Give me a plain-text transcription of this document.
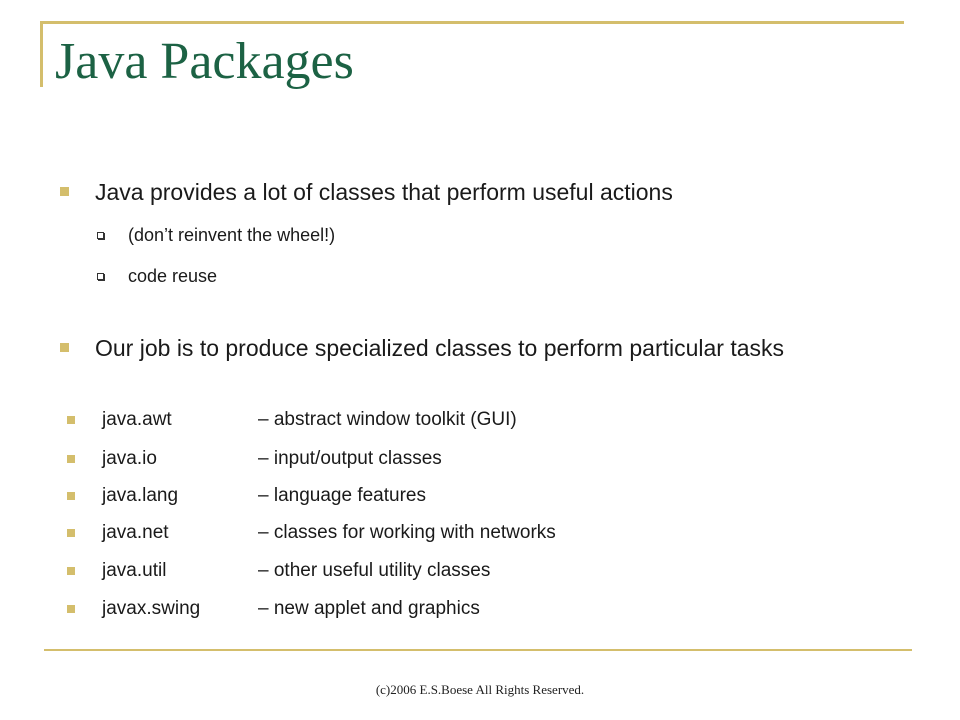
Java Packages
Java provides a lot of classes that perform useful actions
(don’t reinvent the wheel!)
code reuse
Our job is to produce specialized classes to perform particular tasks
java.awt	– abstract window toolkit (GUI)
java.io	– input/output classes
java.lang	– language features
java.net	– classes for working with networks
java.util	– other useful utility classes
javax.swing	– new applet and graphics
(c)2006 E.S.Boese All Rights Reserved.
